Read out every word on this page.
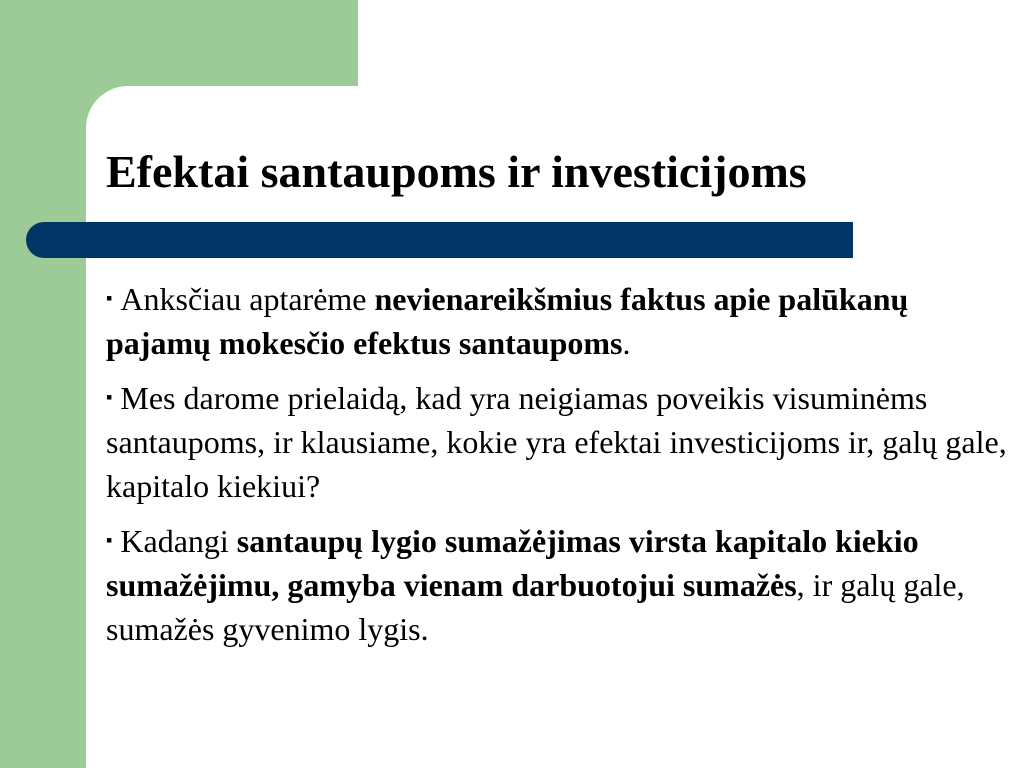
Efektai santaupoms ir investicijoms

▪ Anksčiau aptarėme nevienareikšmius faktus apie palūkanų pajamų mokesčio efektus santaupoms.

▪ Mes darome prielaidą, kad yra neigiamas poveikis visuminėms santaupoms, ir klausiame, kokie yra efektai investicijoms ir, galų gale, kapitalo kiekiui?

▪ Kadangi santaupų lygio sumažėjimas virsta kapitalo kiekio sumažėjimu, gamyba vienam darbuotojui sumažės, ir galų gale, sumažės gyvenimo lygis.
